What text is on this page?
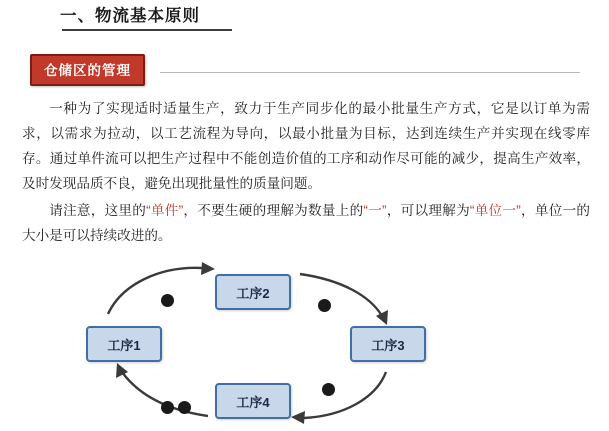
一、物流基本原则
仓储区的管理

一种为了实现适时适量生产，致力于生产同步化的最小批量生产方式，它是以订单为需求，以需求为拉动，以工艺流程为导向，以最小批量为目标，达到连续生产并实现在线零库存。通过单件流可以把生产过程中不能创造价值的工序和动作尽可能的减少，提高生产效率，及时发现品质不良，避免出现批量性的质量问题。

请注意，这里的“单件”，不要生硬的理解为数量上的“一”，可以理解为“单位一”，单位一的大小是可以持续改进的。

工序1
工序2
工序3
工序4
